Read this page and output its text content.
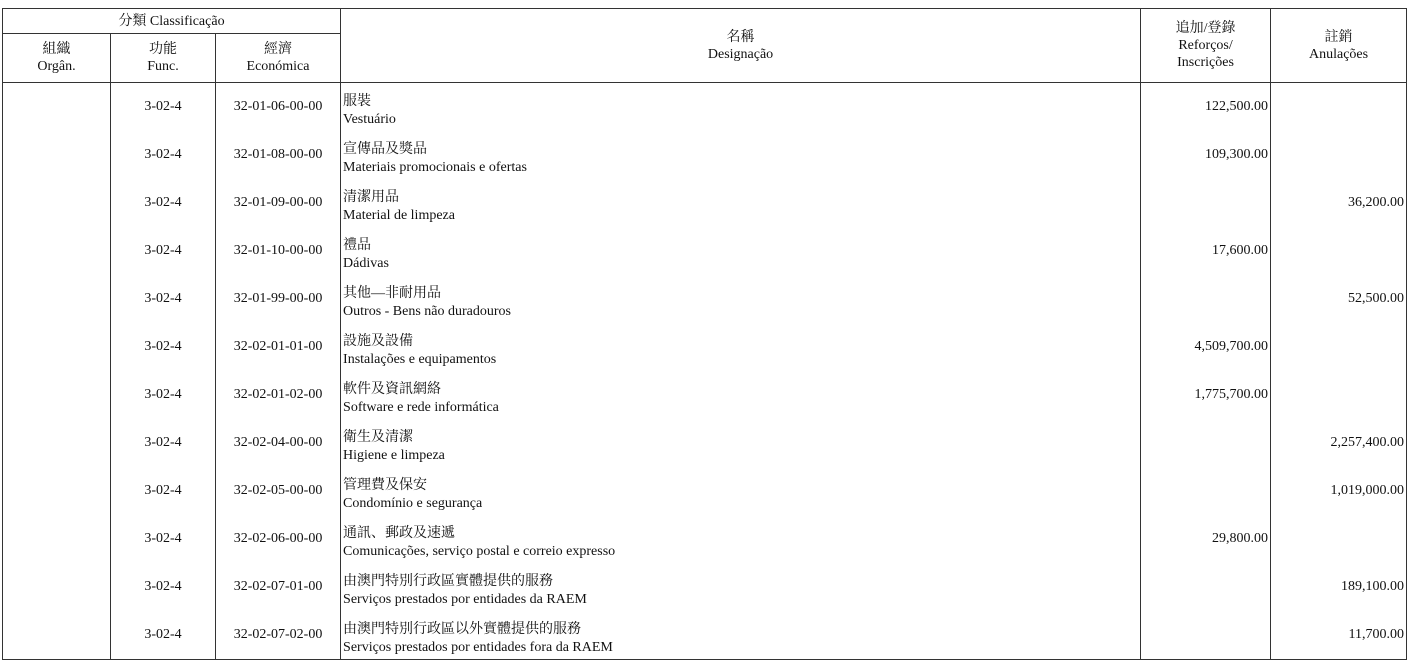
分類 Classificação			名稱
Designação	追加/登錄
Reforços/
Inscrições	註銷
Anulações

組織
Orgân.	功能
Func.	經濟
Económica			

	3-02-4	32-01-06-00-00	服裝
Vestuário	122,500.00	
	3-02-4	32-01-08-00-00	宣傳品及獎品
Materiais promocionais e ofertas	109,300.00	
	3-02-4	32-01-09-00-00	清潔用品
Material de limpeza		36,200.00
	3-02-4	32-01-10-00-00	禮品
Dádivas	17,600.00	
	3-02-4	32-01-99-00-00	其他—非耐用品
Outros - Bens não duradouros		52,500.00
	3-02-4	32-02-01-01-00	設施及設備
Instalações e equipamentos	4,509,700.00	
	3-02-4	32-02-01-02-00	軟件及資訊網絡
Software e rede informática	1,775,700.00	
	3-02-4	32-02-04-00-00	衛生及清潔
Higiene e limpeza		2,257,400.00
	3-02-4	32-02-05-00-00	管理費及保安
Condomínio e segurança		1,019,000.00
	3-02-4	32-02-06-00-00	通訊、郵政及速遞
Comunicações, serviço postal e correio expresso	29,800.00	
	3-02-4	32-02-07-01-00	由澳門特別行政區實體提供的服務
Serviços prestados por entidades da RAEM		189,100.00
	3-02-4	32-02-07-02-00	由澳門特別行政區以外實體提供的服務
Serviços prestados por entidades fora da RAEM		11,700.00
